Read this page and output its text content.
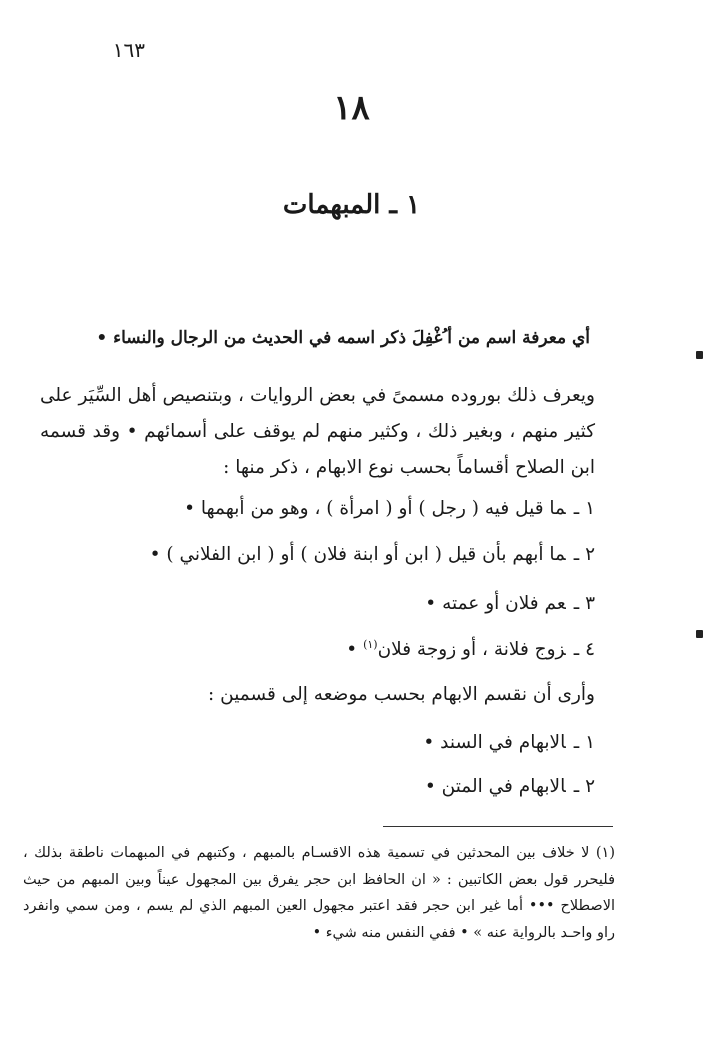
١٦٣
١٨
١ ـ المبهمات
أي معرفة اسم من أ ُغْفِلَ ذكر اسمه في الحديث من الرجال والنساء •
ويعرف ذلك بوروده مسمىً في بعض الروايات ، وبتنصيص أهل السِّيَر على كثير منهم ، وبغير ذلك ، وكثير منهم لم يوقف على أسمائهم • وقد قسمه ابن الصلاح أقساماً بحسب نوع الابهام ، ذكر منها :
١ ـما قيل فيه ( رجل ) أو ( امرأة ) ، وهو من أبهمها •
٢ ـما أبهم بأن قيل ( ابن أو ابنة فلان ) أو ( ابن الفلاني ) •
٣ ـعم فلان أو عمته •
٤ ـزوج فلانة ، أو زوجة فلان$^{(١)}$ •
وأرى أن نقسم الابهام بحسب موضعه إلى قسمين :
١ ـالابهام في السند •
٢ ـالابهام في المتن •
(١) لا خلاف بين المحدثين في تسمية هذه الاقسـام بالمبهم ، وكتبهم في المبهمات ناطقة بذلك ، فليحرر قول بعض الكاتبين : « ان الحافظ ابن حجر يفرق بين المجهول عيناً وبين المبهم من حيث الاصطلاح ••• أما غير ابن حجر فقد اعتبر مجهول العين المبهم الذي لم يسم ، ومن سمي وانفرد راو واحـد بالرواية عنه » • ففي النفس منه شيء •
